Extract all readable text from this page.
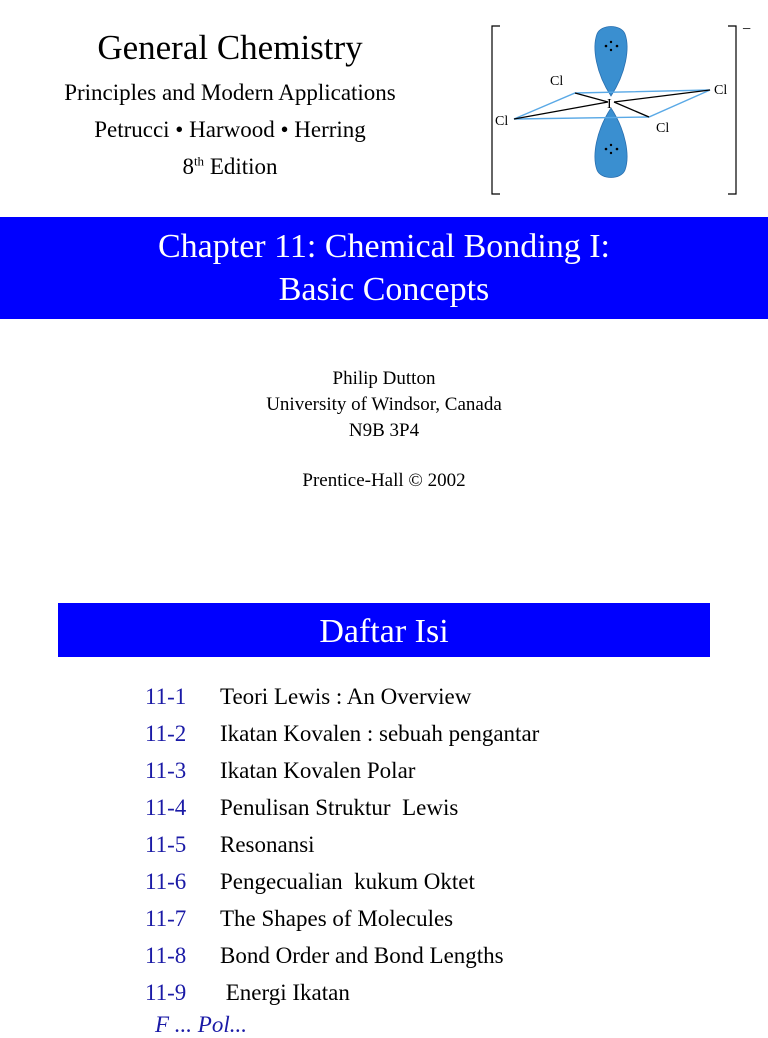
General Chemistry
Principles and Modern Applications
Petrucci • Harwood • Herring
8th Edition
−
I
Cl
Cl
Cl	Cl
Chapter 11: Chemical Bonding I:
Basic Concepts
Philip Dutton
University of Windsor, Canada
N9B 3P4
Prentice-Hall © 2002
Daftar Isi
11-1 Teori Lewis : An Overview
11-2 Ikatan Kovalen : sebuah pengantar
11-3 Ikatan Kovalen Polar
11-4 Penulisan Struktur  Lewis
11-5 Resonansi
11-6 Pengecualian  kukum Oktet
11-7 The Shapes of Molecules
11-8 Bond Order and Bond Lengths
11-9 Energi Ikatan
F ... Pol...
